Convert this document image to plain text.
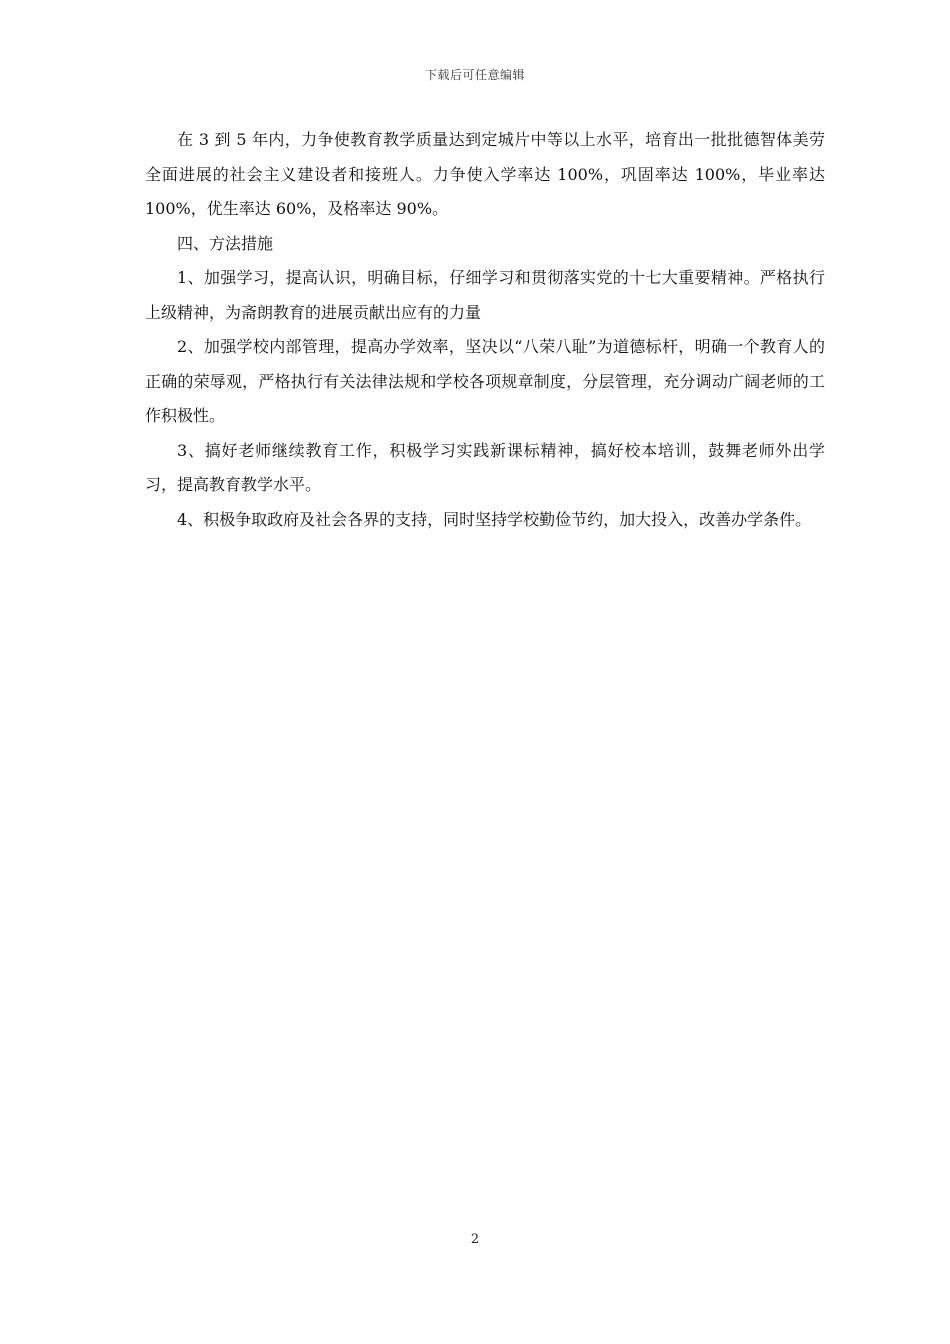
下载后可任意编辑

在 3 到 5 年内，力争使教育教学质量达到定城片中等以上水平，培育出一批批德智体美劳全面进展的社会主义建设者和接班人。力争使入学率达 100%，巩固率达 100%，毕业率达 100%，优生率达 60%，及格率达 90%。

四、方法措施

1、加强学习，提高认识，明确目标，仔细学习和贯彻落实党的十七大重要精神。严格执行上级精神，为斋朗教育的进展贡献出应有的力量

2、加强学校内部管理，提高办学效率，坚决以“八荣八耻”为道德标杆，明确一个教育人的正确的荣辱观，严格执行有关法律法规和学校各项规章制度，分层管理，充分调动广阔老师的工作积极性。

3、搞好老师继续教育工作，积极学习实践新课标精神，搞好校本培训，鼓舞老师外出学习，提高教育教学水平。

4、积极争取政府及社会各界的支持，同时坚持学校勤俭节约，加大投入，改善办学条件。

2
